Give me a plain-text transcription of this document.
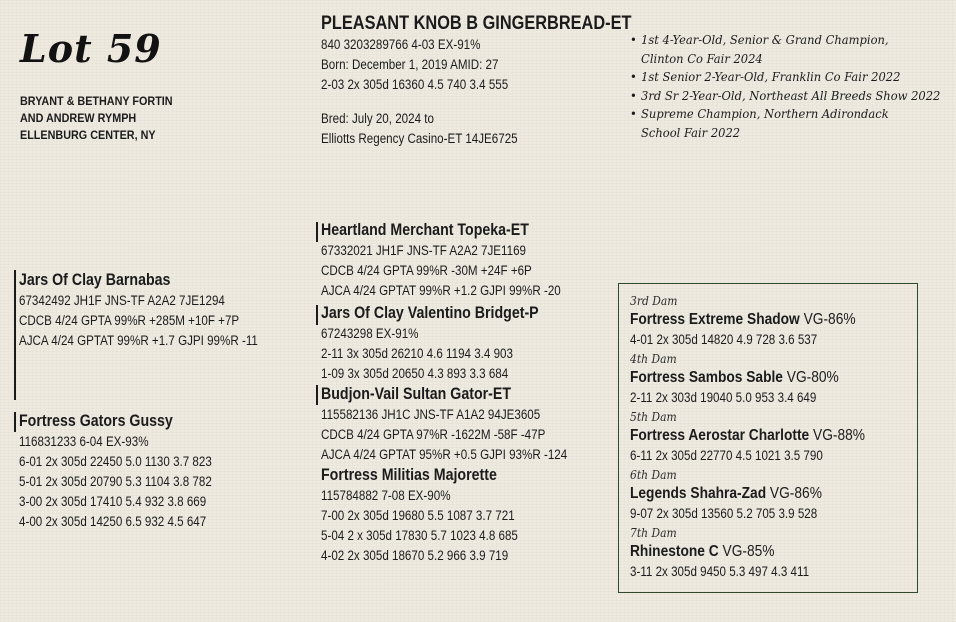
Lot 59
BRYANT & BETHANY FORTIN
AND ANDREW RYMPH
ELLENBURG CENTER, NY
PLEASANT KNOB B GINGERBREAD-ET
840 3203289766 4-03 EX-91%
Born: December 1, 2019 AMID: 27
2-03 2x 305d 16360 4.5 740 3.4 555
Bred: July 20, 2024 to
Elliotts Regency Casino-ET 14JE6725
• 1st 4-Year-Old, Senior & Grand Champion,
Clinton Co Fair 2024
• 1st Senior 2-Year-Old, Franklin Co Fair 2022
• 3rd Sr 2-Year-Old, Northeast All Breeds Show 2022
• Supreme Champion, Northern Adirondack
School Fair 2022
Jars Of Clay Barnabas
67342492 JH1F JNS-TF A2A2 7JE1294
CDCB 4/24 GPTA 99%R +285M +10F +7P
AJCA 4/24 GPTAT 99%R +1.7 GJPI 99%R -11
Fortress Gators Gussy
116831233 6-04 EX-93%
6-01 2x 305d 22450 5.0 1130 3.7 823
5-01 2x 305d 20790 5.3 1104 3.8 782
3-00 2x 305d 17410 5.4 932 3.8 669
4-00 2x 305d 14250 6.5 932 4.5 647
Heartland Merchant Topeka-ET
67332021 JH1F JNS-TF A2A2 7JE1169
CDCB 4/24 GPTA 99%R -30M +24F +6P
AJCA 4/24 GPTAT 99%R +1.2 GJPI 99%R -20
Jars Of Clay Valentino Bridget-P
67243298 EX-91%
2-11 3x 305d 26210 4.6 1194 3.4 903
1-09 3x 305d 20650 4.3 893 3.3 684
Budjon-Vail Sultan Gator-ET
115582136 JH1C JNS-TF A1A2 94JE3605
CDCB 4/24 GPTA 97%R -1622M -58F -47P
AJCA 4/24 GPTAT 95%R +0.5 GJPI 93%R -124
Fortress Militias Majorette
115784882 7-08 EX-90%
7-00 2x 305d 19680 5.5 1087 3.7 721
5-04 2 x 305d 17830 5.7 1023 4.8 685
4-02 2x 305d 18670 5.2 966 3.9 719
3rd Dam
Fortress Extreme Shadow VG-86%
4-01 2x 305d 14820 4.9 728 3.6 537
4th Dam
Fortress Sambos Sable VG-80%
2-11 2x 303d 19040 5.0 953 3.4 649
5th Dam
Fortress Aerostar Charlotte VG-88%
6-11 2x 305d 22770 4.5 1021 3.5 790
6th Dam
Legends Shahra-Zad VG-86%
9-07 2x 305d 13560 5.2 705 3.9 528
7th Dam
Rhinestone C VG-85%
3-11 2x 305d 9450 5.3 497 4.3 411
